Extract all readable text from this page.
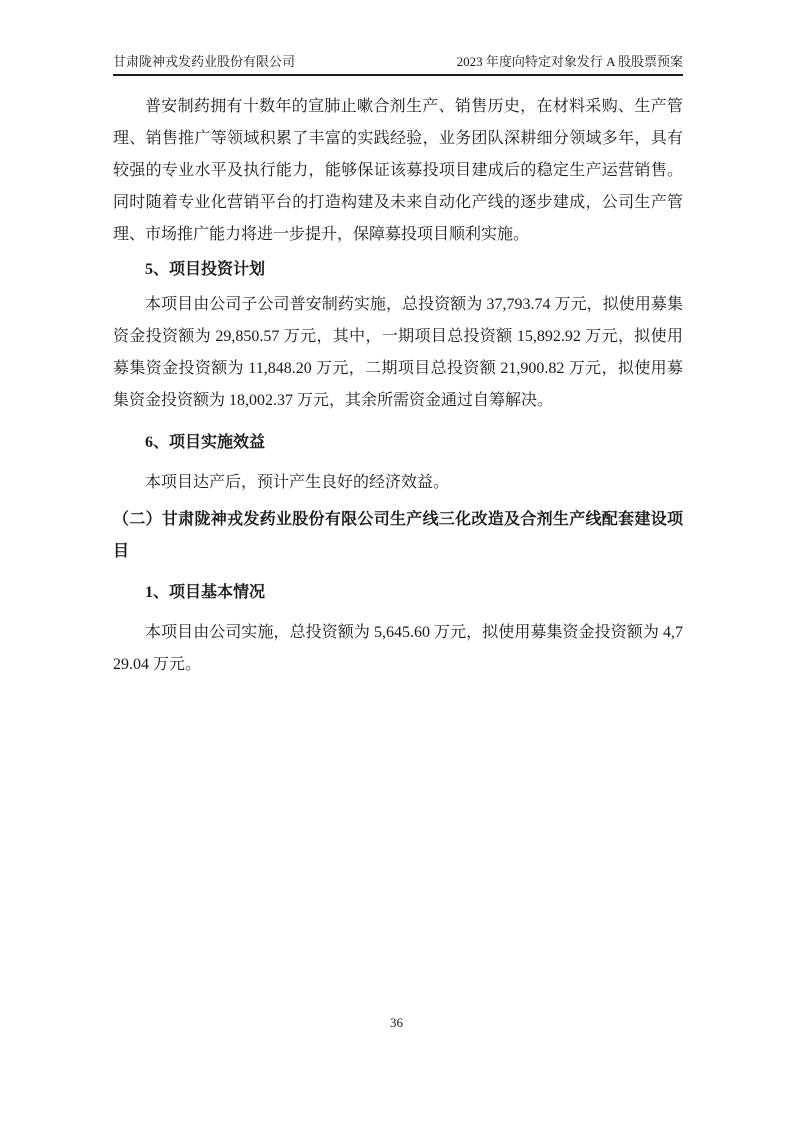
甘肃陇神戎发药业股份有限公司	2023 年度向特定对象发行 A 股股票预案

普安制药拥有十数年的宣肺止嗽合剂生产、销售历史，在材料采购、生产管理、销售推广等领域积累了丰富的实践经验，业务团队深耕细分领域多年，具有较强的专业水平及执行能力，能够保证该募投项目建成后的稳定生产运营销售。同时随着专业化营销平台的打造构建及未来自动化产线的逐步建成，公司生产管理、市场推广能力将进一步提升，保障募投项目顺利实施。

5、项目投资计划

本项目由公司子公司普安制药实施，总投资额为 37,793.74 万元，拟使用募集资金投资额为 29,850.57 万元，其中，一期项目总投资额 15,892.92 万元，拟使用募集资金投资额为 11,848.20 万元，二期项目总投资额 21,900.82 万元，拟使用募集资金投资额为 18,002.37 万元，其余所需资金通过自筹解决。

6、项目实施效益

本项目达产后，预计产生良好的经济效益。

（二）甘肃陇神戎发药业股份有限公司生产线三化改造及合剂生产线配套建设项目

1、项目基本情况

本项目由公司实施，总投资额为 5,645.60 万元，拟使用募集资金投资额为 4,729.04 万元。

36
